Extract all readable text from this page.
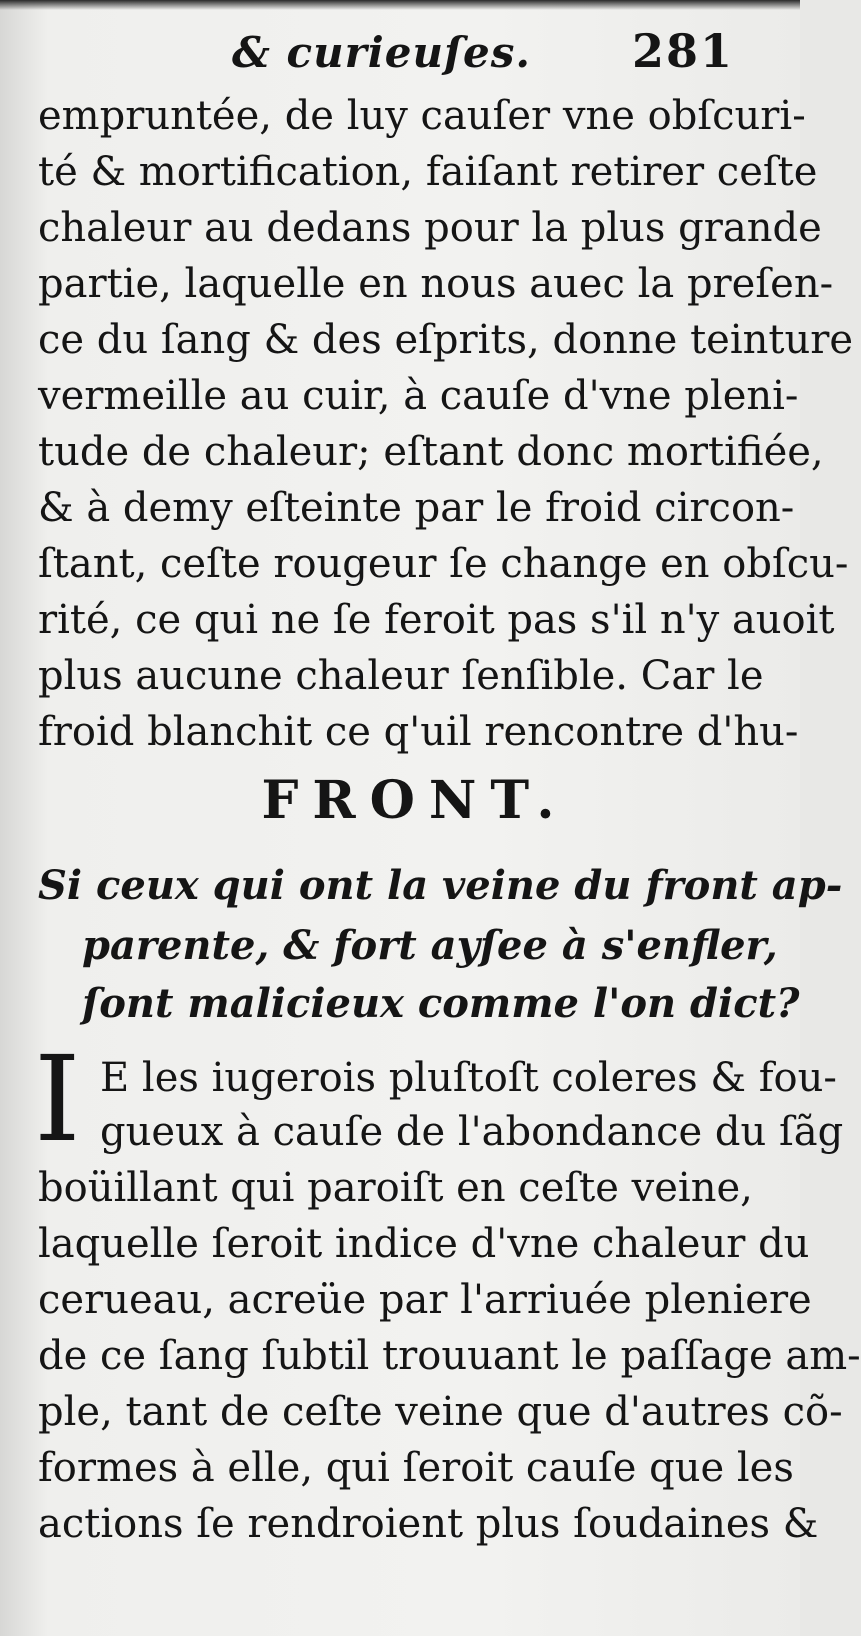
& curieuſes. 281
empruntée, de luy cauſer vne obſcuri-
té & mortification, faiſant retirer ceſte
chaleur au dedans pour la plus grande
partie, laquelle en nous auec la preſen-
ce du ſang & des eſprits, donne teinture
vermeille au cuir, à cauſe d'vne pleni-
tude de chaleur; eſtant donc mortifiée,
& à demy eſteinte par le froid circon-
ſtant, ceſte rougeur ſe change en obſcu-
rité, ce qui ne ſe feroit pas s'il n'y auoit
plus aucune chaleur ſenſible. Car le
froid blanchit ce q'uil rencontre d'hu-
FRONT.
Si ceux qui ont la veine du front ap-
parente, & fort ayſee à s'enfler,
ſont malicieux comme l'on dict?
I E les iugerois pluſtoſt coleres & fou-
gueux à cauſe de l'abondance du ſãg
boüillant qui paroiſt en ceſte veine,
laquelle ſeroit indice d'vne chaleur du
cerueau, acreüe par l'arriuée pleniere
de ce ſang ſubtil trouuant le paſſage am-
ple, tant de ceſte veine que d'autres cõ-
formes à elle, qui ſeroit cauſe que les
actions ſe rendroient plus ſoudaines &
